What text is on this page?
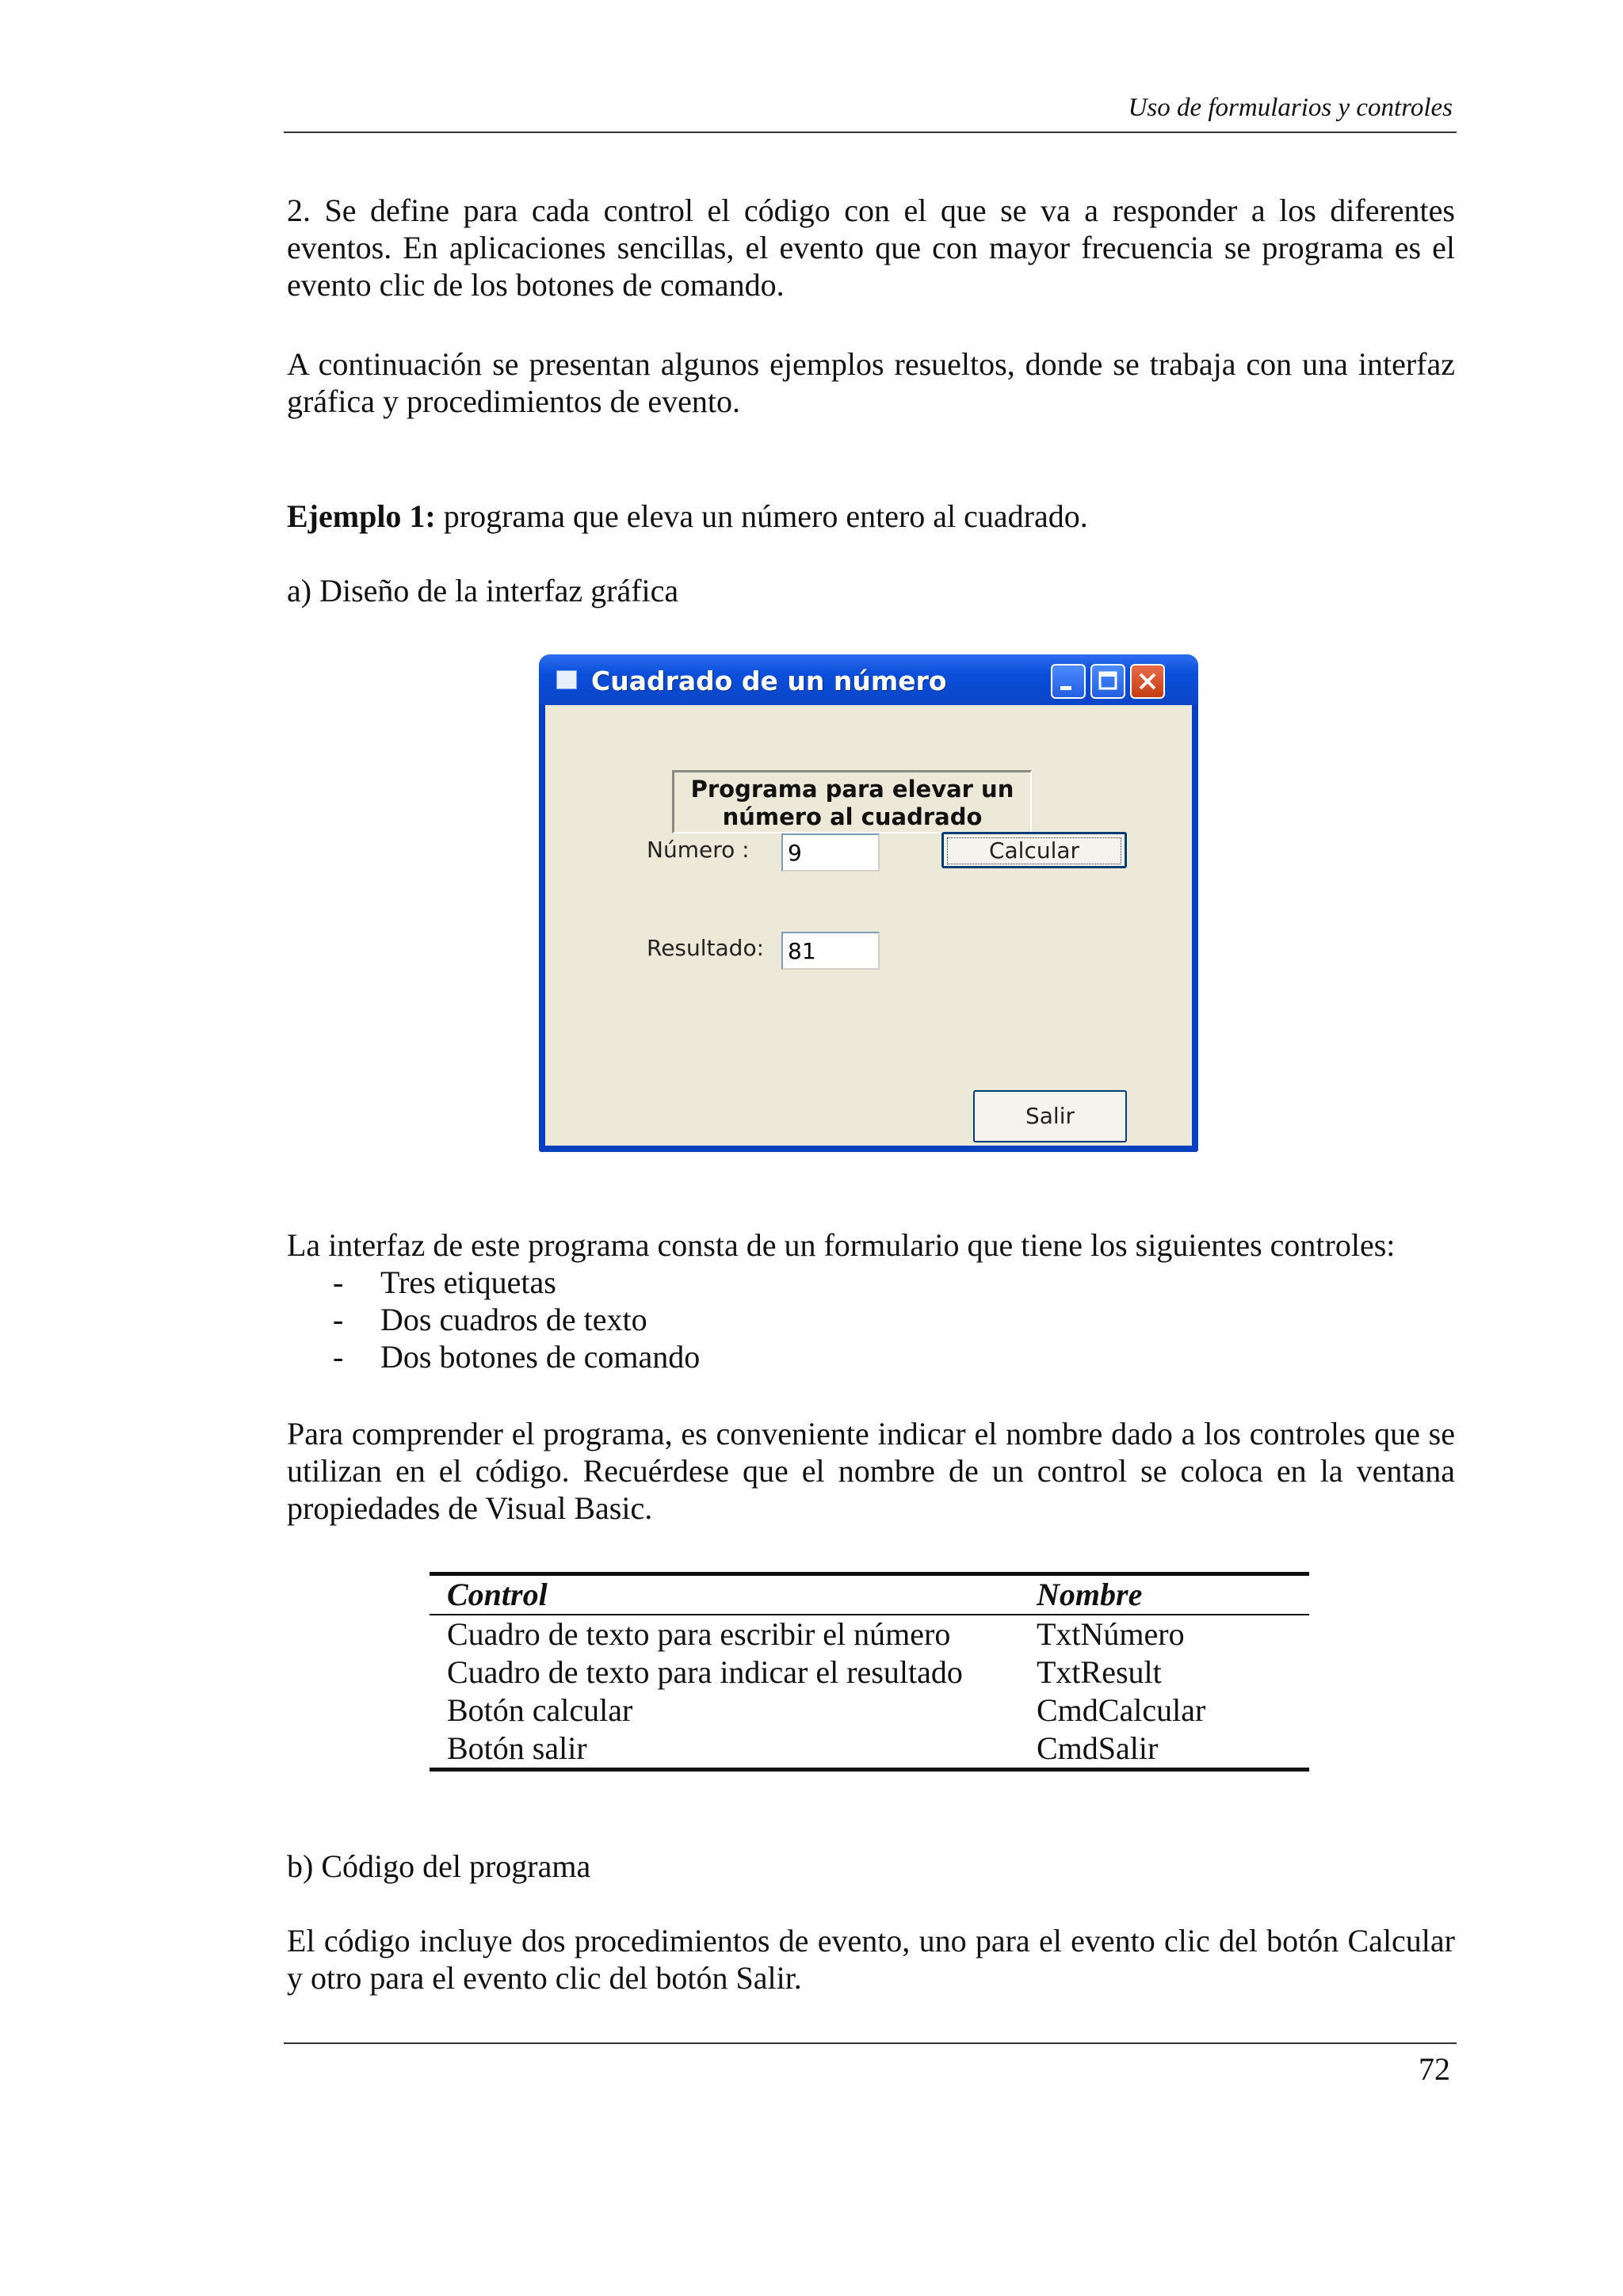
Uso de formularios y controles

2. Se define para cada control el código con el que se va a responder a los diferentes eventos. En aplicaciones sencillas, el evento que con mayor frecuencia se programa es el evento clic de los botones de comando.

A continuación se presentan algunos ejemplos resueltos, donde se trabaja con una interfaz gráfica y procedimientos de evento.

Ejemplo 1: programa que eleva un número entero al cuadrado.
a) Diseño de la interfaz gráfica
Cuadrado de un número
Programa para elevar un
número al cuadrado
Número : 9	Calcular
Resultado: 81
Salir
La interfaz de este programa consta de un formulario que tiene los siguientes controles:
- Tres etiquetas
- Dos cuadros de texto
- Dos botones de comando

Para comprender el programa, es conveniente indicar el nombre dado a los controles que se utilizan en el código. Recuérdese que el nombre de un control se coloca en la ventana propiedades de Visual Basic.

Control	Nombre
Cuadro de texto para escribir el número	TxtNúmero
Cuadro de texto para indicar el resultado	TxtResult
Botón calcular	CmdCalcular
Botón salir	CmdSalir
b) Código del programa

El código incluye dos procedimientos de evento, uno para el evento clic del botón Calcular y otro para el evento clic del botón Salir.

72
